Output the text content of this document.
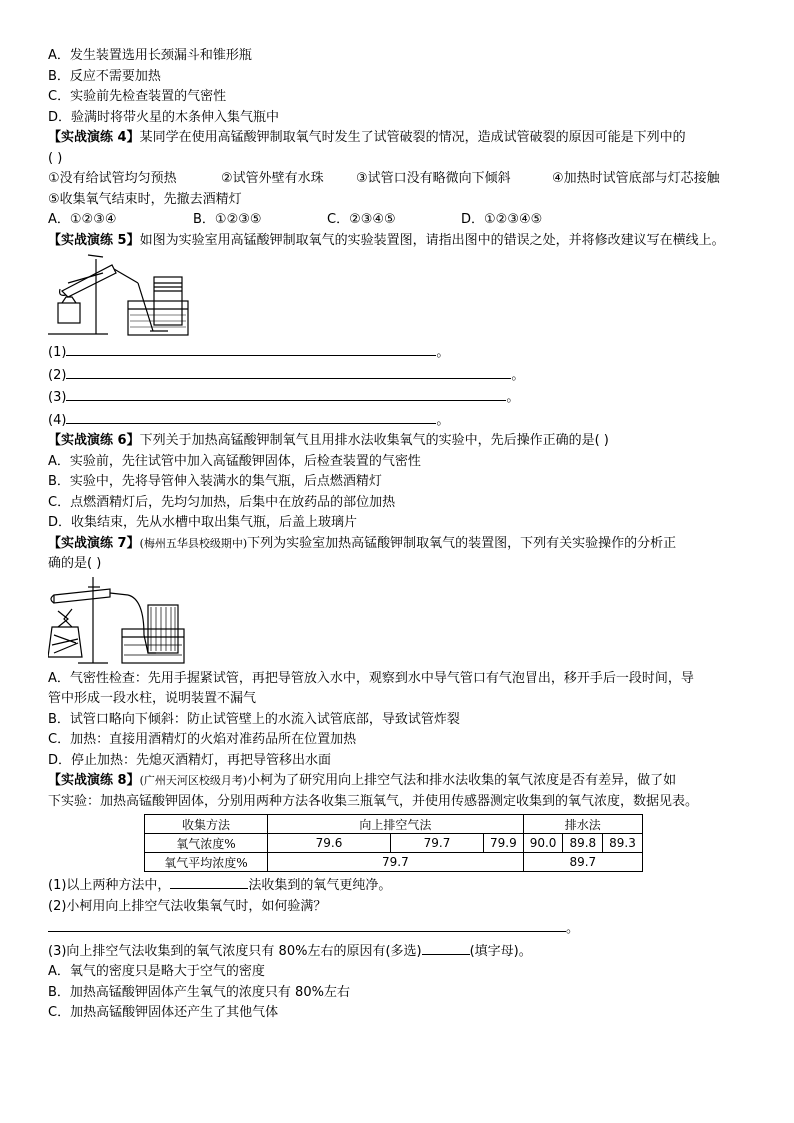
A．发生装置选用长颈漏斗和锥形瓶
B．反应不需要加热
C．实验前先检查装置的气密性
D．验满时将带火星的木条伸入集气瓶中
【实战演练 4】某同学在使用高锰酸钾制取氧气时发生了试管破裂的情况，造成试管破裂的原因可能是下列中的
( )
①没有给试管均匀预热	②试管外壁有水珠 ③试管口没有略微向下倾斜	④加热时试管底部与灯芯接触
⑤收集氧气结束时，先撤去酒精灯
A．①②③④	B．①②③⑤	C．②③④⑤	D．①②③④⑤
【实战演练 5】如图为实验室用高锰酸钾制取氧气的实验装置图，请指出图中的错误之处，并将修改建议写在横线上。
(1)	。
(2)	。
(3)	。
(4)	。
【实战演练 6】下列关于加热高锰酸钾制氧气且用排水法收集氧气的实验中，先后操作正确的是( )
A．实验前，先往试管中加入高锰酸钾固体，后检查装置的气密性
B．实验中，先将导管伸入装满水的集气瓶，后点燃酒精灯
C．点燃酒精灯后，先均匀加热，后集中在放药品的部位加热
D．收集结束，先从水槽中取出集气瓶，后盖上玻璃片
【实战演练 7】(梅州五华县校级期中)下列为实验室加热高锰酸钾制取氧气的装置图，下列有关实验操作的分析正
确的是( )
A．气密性检查：先用手握紧试管，再把导管放入水中，观察到水中导气管口有气泡冒出，移开手后一段时间，导
管中形成一段水柱，说明装置不漏气
B．试管口略向下倾斜：防止试管壁上的水流入试管底部，导致试管炸裂
C．加热：直接用酒精灯的火焰对准药品所在位置加热
D．停止加热：先熄灭酒精灯，再把导管移出水面
【实战演练 8】(广州天河区校级月考)小柯为了研究用向上排空气法和排水法收集的氧气浓度是否有差异，做了如
下实验：加热高锰酸钾固体，分别用两种方法各收集三瓶氧气，并使用传感器测定收集到的氧气浓度，数据见表。
收集方法	向上排空气法			排水法		
氧气浓度%	79.6	79.7	79.9	90.0	89.8	89.3
氧气平均浓度%	79.7			89.7		
(1)以上两种方法中，	法收集到的氧气更纯净。
(2)小柯用向上排空气法收集氧气时，如何验满？
。
(3)向上排空气法收集到的氧气浓度只有 80%左右的原因有(多选)	(填字母)。
A．氧气的密度只是略大于空气的密度
B．加热高锰酸钾固体产生氧气的浓度只有 80%左右
C．加热高锰酸钾固体还产生了其他气体
